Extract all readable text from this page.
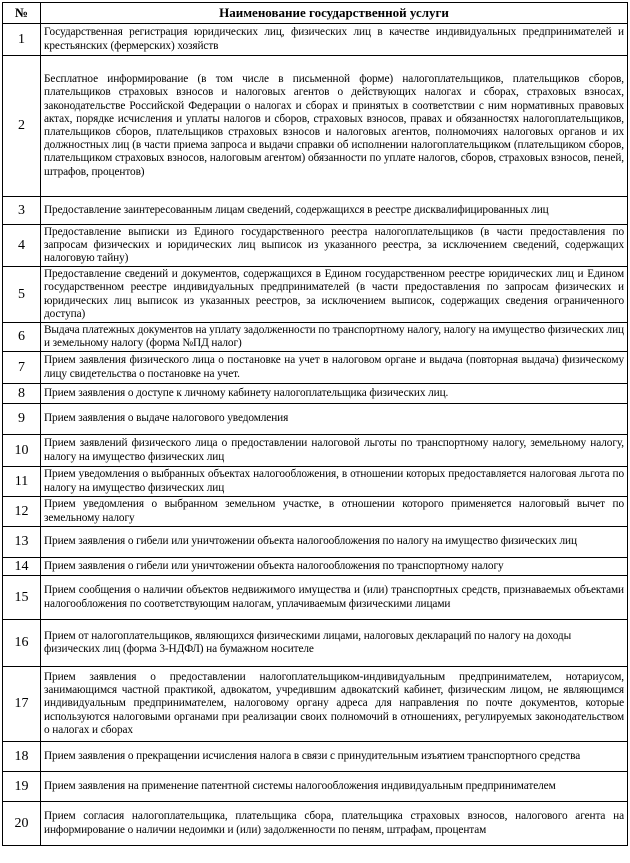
№	Наименование государственной услуги
1	Государственная регистрация юридических лиц, физических лиц в качестве индивидуальных предпринимателей и крестьянских (фермерских) хозяйств
2	Бесплатное информирование (в том числе в письменной форме) налогоплательщиков, плательщиков сборов, плательщиков страховых взносов и налоговых агентов о действующих налогах и сборах, страховых взносах, законодательстве Российской Федерации о налогах и сборах и принятых в соответствии с ним нормативных правовых актах, порядке исчисления и уплаты налогов и сборов, страховых взносов, правах и обязанностях налогоплательщиков, плательщиков сборов, плательщиков страховых взносов и налоговых агентов, полномочиях налоговых органов и их должностных лиц (в части приема запроса и выдачи справки об исполнении налогоплательщиком (плательщиком сборов, плательщиком страховых взносов, налоговым агентом) обязанности по уплате налогов, сборов, страховых взносов, пеней, штрафов, процентов)
3	Предоставление заинтересованным лицам сведений, содержащихся в реестре дисквалифицированных лиц
4	Предоставление выписки из Единого государственного реестра налогоплательщиков (в части предоставления по запросам физических и юридических лиц выписок из указанного реестра, за исключением сведений, содержащих налоговую тайну)
5	Предоставление сведений и документов, содержащихся в Едином государственном реестре юридических лиц и Едином государственном реестре индивидуальных предпринимателей (в части предоставления по запросам физических и юридических лиц выписок из указанных реестров, за исключением выписок, содержащих сведения ограниченного доступа)
6	Выдача платежных документов на уплату задолженности по транспортному налогу, налогу на имущество физических лиц и земельному налогу (форма №ПД налог)
7	Прием заявления физического лица о постановке на учет в налоговом органе и выдача (повторная выдача) физическому лицу свидетельства о постановке на учет.
8	Прием заявления о доступе к личному кабинету налогоплательщика физических лиц.
9	Прием заявления о выдаче налогового уведомления
10	Прием заявлений физического лица о предоставлении налоговой льготы по транспортному налогу, земельному налогу, налогу на имущество физических лиц
11	Прием уведомления о выбранных объектах налогообложения, в отношении которых предоставляется налоговая льгота по налогу на имущество физических лиц
12	Прием уведомления о выбранном земельном участке, в отношении которого применяется налоговый вычет по земельному налогу
13	Прием заявления о гибели или уничтожении объекта налогообложения по налогу на имущество физических лиц
14	Прием заявления о гибели или уничтожении объекта налогообложения по транспортному налогу
15	Прием сообщения о наличии объектов недвижимого имущества и (или) транспортных средств, признаваемых объектами налогообложения по соответствующим налогам, уплачиваемым физическими лицами
16	Прием от налогоплательщиков, являющихся физическими лицами, налоговых деклараций по налогу на доходы
физических лиц (форма 3-НДФЛ) на бумажном носителе
17	Прием заявления о предоставлении налогоплательщиком-индивидуальным предпринимателем, нотариусом, занимающимся частной практикой, адвокатом, учредившим адвокатский кабинет, физическим лицом, не являющимся индивидуальным предпринимателем, налоговому органу адреса для направления по почте документов, которые используются налоговыми органами при реализации своих полномочий в отношениях, регулируемых законодательством о налогах и сборах
18	Прием заявления о прекращении исчисления налога в связи с принудительным изъятием транспортного средства
19	Прием заявления на применение патентной системы налогообложения индивидуальным предпринимателем
20	Прием согласия налогоплательщика, плательщика сбора, плательщика страховых взносов, налогового агента на информирование о наличии недоимки и (или) задолженности по пеням, штрафам, процентам
